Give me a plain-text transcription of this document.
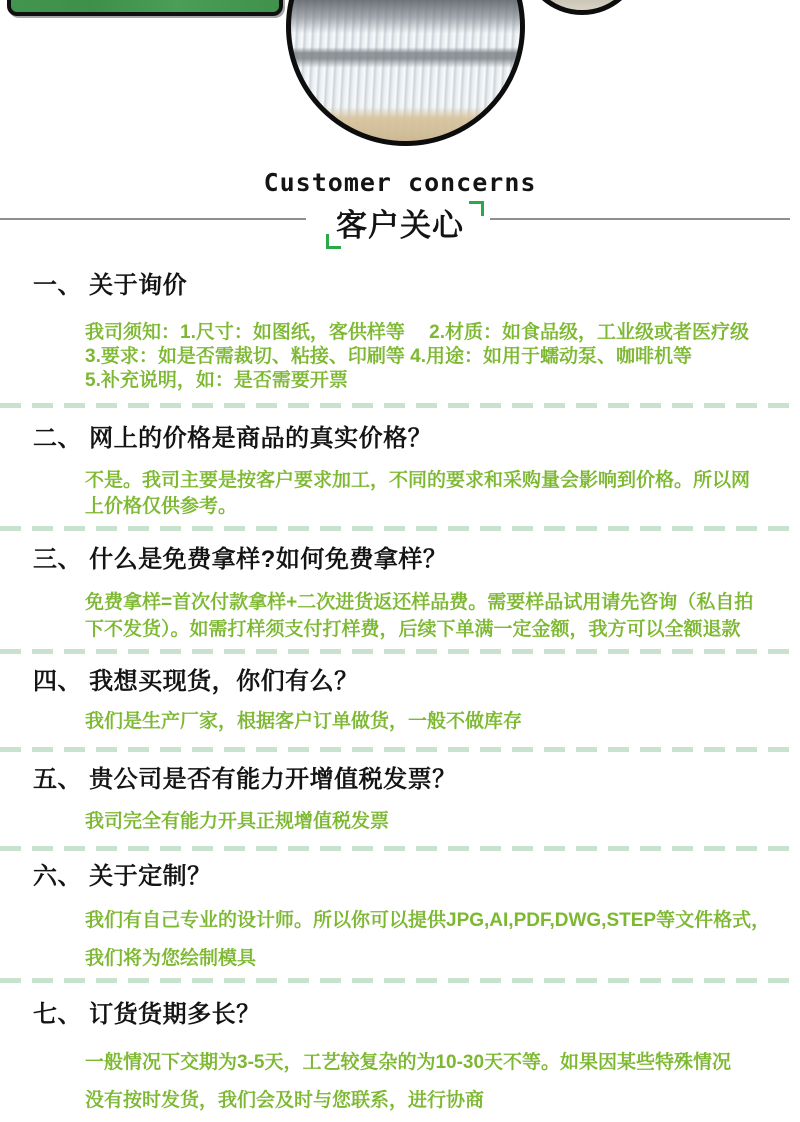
Customer concerns
客户关心
一、 关于询价
我司须知：1.尺寸：如图纸，客供样等　 2.材质：如食品级，工业级或者医疗级
3.要求：如是否需裁切、粘接、印刷等 4.用途：如用于蠕动泵、咖啡机等
5.补充说明，如：是否需要开票
二、 网上的价格是商品的真实价格？
不是。我司主要是按客户要求加工，不同的要求和采购量会影响到价格。所以网
上价格仅供参考。
三、 什么是免费拿样?如何免费拿样？
免费拿样=首次付款拿样+二次进货返还样品费。需要样品试用请先咨询（私自拍
下不发货）。如需打样须支付打样费，后续下单满一定金额，我方可以全额退款
四、 我想买现货，你们有么？
我们是生产厂家，根据客户订单做货，一般不做库存
五、 贵公司是否有能力开增值税发票？
我司完全有能力开具正规增值税发票
六、 关于定制？
我们有自己专业的设计师。所以你可以提供JPG,AI,PDF,DWG,STEP等文件格式，
我们将为您绘制模具
七、 订货货期多长？
一般情况下交期为3-5天，工艺较复杂的为10-30天不等。如果因某些特殊情况
没有按时发货，我们会及时与您联系，进行协商
